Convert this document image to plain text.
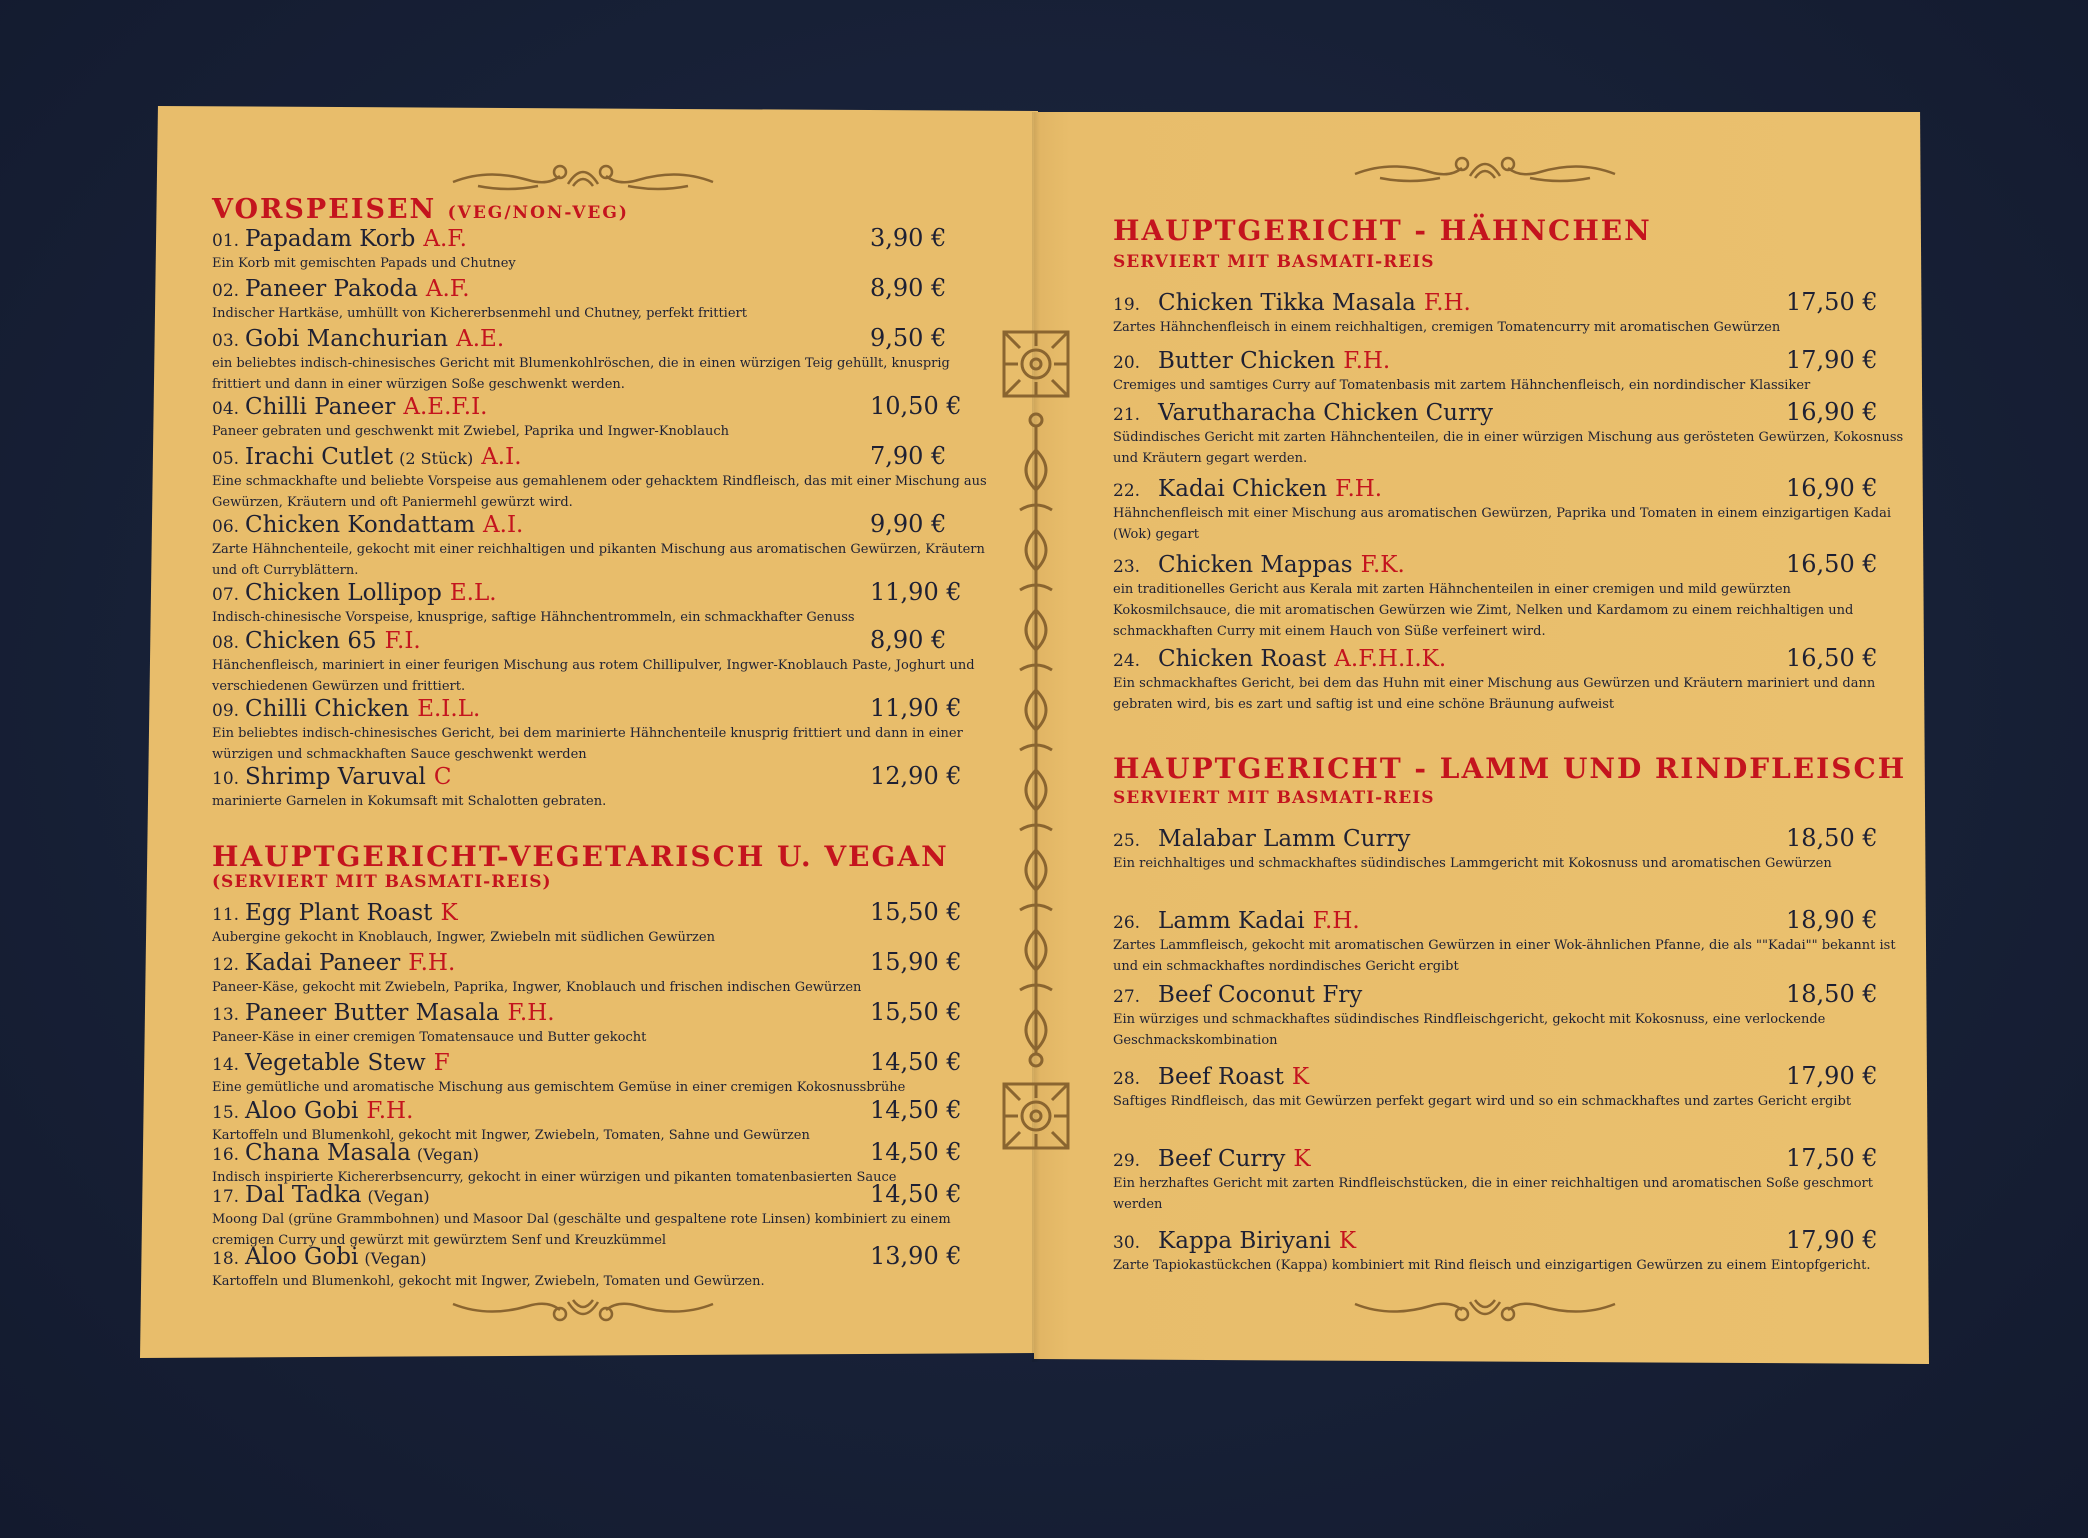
VORSPEISEN (VEG/NON-VEG)
HAUPTGERICHT-VEGETARISCH U. VEGAN
(SERVIERT MIT BASMATI-REIS)
HAUPTGERICHT - HÄHNCHEN
SERVIERT MIT BASMATI-REIS
HAUPTGERICHT - LAMM UND RINDFLEISCH
SERVIERT MIT BASMATI-REIS
01. Papadam Korb A.F.	3,90 €
Ein Korb mit gemischten Papads und Chutney
02. Paneer Pakoda A.F.	8,90 €
Indischer Hartkäse, umhüllt von Kichererbsenmehl und Chutney, perfekt frittiert
03. Gobi Manchurian A.E.	9,50 €
ein beliebtes indisch-chinesisches Gericht mit Blumenkohlröschen, die in einen würzigen Teig gehüllt, knusprig frittiert und dann in einer würzigen Soße geschwenkt werden.
04. Chilli Paneer A.E.F.I.	10,50 €
Paneer gebraten und geschwenkt mit Zwiebel, Paprika und Ingwer-Knoblauch
05. Irachi Cutlet (2 Stück) A.I.	7,90 €
Eine schmackhafte und beliebte Vorspeise aus gemahlenem oder gehacktem Rindfleisch, das mit einer Mischung aus Gewürzen, Kräutern und oft Paniermehl gewürzt wird.
06. Chicken Kondattam A.I.	9,90 €
Zarte Hähnchenteile, gekocht mit einer reichhaltigen und pikanten Mischung aus aromatischen Gewürzen, Kräutern und oft Curryblättern.
07. Chicken Lollipop E.L.	11,90 €
Indisch-chinesische Vorspeise, knusprige, saftige Hähnchentrommeln, ein schmackhafter Genuss
08. Chicken 65 F.I.	8,90 €
Hänchenfleisch, mariniert in einer feurigen Mischung aus rotem Chillipulver, Ingwer-Knoblauch Paste, Joghurt und verschiedenen Gewürzen und frittiert.
09. Chilli Chicken E.I.L.	11,90 €
Ein beliebtes indisch-chinesisches Gericht, bei dem marinierte Hähnchenteile knusprig frittiert und dann in einer würzigen und schmackhaften Sauce geschwenkt werden
10. Shrimp Varuval C	12,90 €
marinierte Garnelen in Kokumsaft mit Schalotten gebraten.
11. Egg Plant Roast K	15,50 €
Aubergine gekocht in Knoblauch, Ingwer, Zwiebeln mit südlichen Gewürzen
12. Kadai Paneer F.H.	15,90 €
Paneer-Käse, gekocht mit Zwiebeln, Paprika, Ingwer, Knoblauch und frischen indischen Gewürzen
13. Paneer Butter Masala F.H.	15,50 €
Paneer-Käse in einer cremigen Tomatensauce und Butter gekocht
14. Vegetable Stew F	14,50 €
Eine gemütliche und aromatische Mischung aus gemischtem Gemüse in einer cremigen Kokosnussbrühe
15. Aloo Gobi F.H.	14,50 €
Kartoffeln und Blumenkohl, gekocht mit Ingwer, Zwiebeln, Tomaten, Sahne und Gewürzen
16. Chana Masala (Vegan)	14,50 €
Indisch inspirierte Kichererbsencurry, gekocht in einer würzigen und pikanten tomatenbasierten Sauce
17. Dal Tadka (Vegan)	14,50 €
Moong Dal (grüne Grammbohnen) und Masoor Dal (geschälte und gespaltene rote Linsen) kombiniert zu einem cremigen Curry und gewürzt mit gewürztem Senf und Kreuzkümmel
18. Aloo Gobi (Vegan)	13,90 €
Kartoffeln und Blumenkohl, gekocht mit Ingwer, Zwiebeln, Tomaten und Gewürzen.
19. Chicken Tikka Masala F.H.	17,50 €
Zartes Hähnchenfleisch in einem reichhaltigen, cremigen Tomatencurry mit aromatischen Gewürzen
20. Butter Chicken F.H.	17,90 €
Cremiges und samtiges Curry auf Tomatenbasis mit zartem Hähnchenfleisch, ein nordindischer Klassiker
21. Varutharacha Chicken Curry	16,90 €
Südindisches Gericht mit zarten Hähnchenteilen, die in einer würzigen Mischung aus gerösteten Gewürzen, Kokosnuss und Kräutern gegart werden.
22. Kadai Chicken F.H.	16,90 €
Hähnchenfleisch mit einer Mischung aus aromatischen Gewürzen, Paprika und Tomaten in einem einzigartigen Kadai (Wok) gegart
23. Chicken Mappas F.K.	16,50 €
ein traditionelles Gericht aus Kerala mit zarten Hähnchenteilen in einer cremigen und mild gewürzten Kokosmilchsauce, die mit aromatischen Gewürzen wie Zimt, Nelken und Kardamom zu einem reichhaltigen und schmackhaften Curry mit einem Hauch von Süße verfeinert wird.
24. Chicken Roast A.F.H.I.K.	16,50 €
Ein schmackhaftes Gericht, bei dem das Huhn mit einer Mischung aus Gewürzen und Kräutern mariniert und dann gebraten wird, bis es zart und saftig ist und eine schöne Bräunung aufweist
25. Malabar Lamm Curry	18,50 €
Ein reichhaltiges und schmackhaftes südindisches Lammgericht mit Kokosnuss und aromatischen Gewürzen
26. Lamm Kadai F.H.	18,90 €
Zartes Lammfleisch, gekocht mit aromatischen Gewürzen in einer Wok-ähnlichen Pfanne, die als ""Kadai"" bekannt ist und ein schmackhaftes nordindisches Gericht ergibt
27. Beef Coconut Fry	18,50 €
Ein würziges und schmackhaftes südindisches Rindfleischgericht, gekocht mit Kokosnuss, eine verlockende Geschmackskombination
28. Beef Roast K	17,90 €
Saftiges Rindfleisch, das mit Gewürzen perfekt gegart wird und so ein schmackhaftes und zartes Gericht ergibt
29. Beef Curry K	17,50 €
Ein herzhaftes Gericht mit zarten Rindfleischstücken, die in einer reichhaltigen und aromatischen Soße geschmort werden
30. Kappa Biriyani K	17,90 €
Zarte Tapiokastückchen (Kappa) kombiniert mit Rind fleisch und einzigartigen Gewürzen zu einem Eintopfgericht.
